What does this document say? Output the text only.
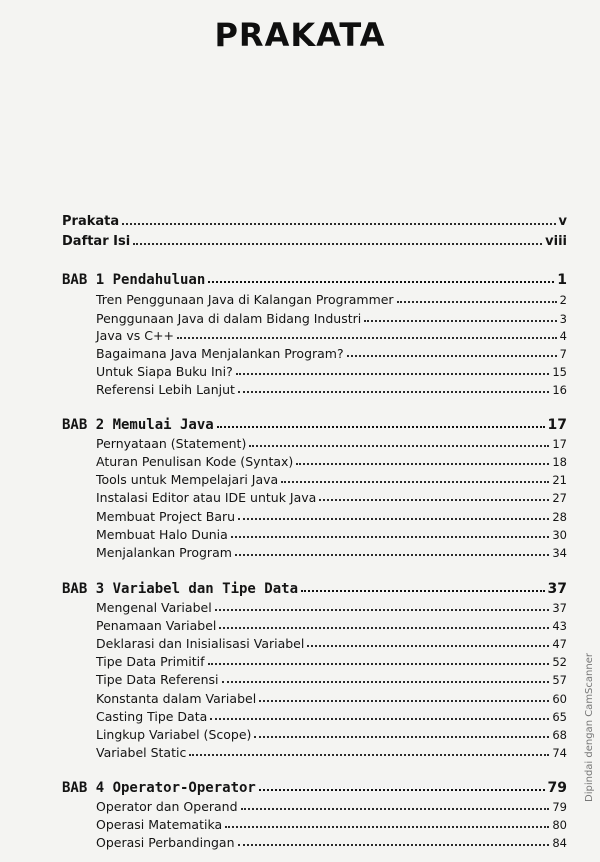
PRAKATA
Prakata	v
Daftar Isi	viii
BAB 1 Pendahuluan	1
Tren Penggunaan Java di Kalangan Programmer	2
Penggunaan Java di dalam Bidang Industri	3
Java vs C++	4
Bagaimana Java Menjalankan Program?	7
Untuk Siapa Buku Ini?	15
Referensi Lebih Lanjut	16
BAB 2 Memulai Java	17
Pernyataan (Statement)	17
Aturan Penulisan Kode (Syntax)	18
Tools untuk Mempelajari Java	21
Instalasi Editor atau IDE untuk Java	27
Membuat Project Baru	28
Membuat Halo Dunia	30
Menjalankan Program	34
BAB 3 Variabel dan Tipe Data	37
Mengenal Variabel	37
Penamaan Variabel	43
Deklarasi dan Inisialisasi Variabel	47
Tipe Data Primitif	52
Tipe Data Referensi	57
Konstanta dalam Variabel	60
Casting Tipe Data	65
Lingkup Variabel (Scope)	68
Variabel Static	74
BAB 4 Operator-Operator	79
Operator dan Operand	79
Operasi Matematika	80
Operasi Perbandingan	84
Dipindai dengan CamScanner
